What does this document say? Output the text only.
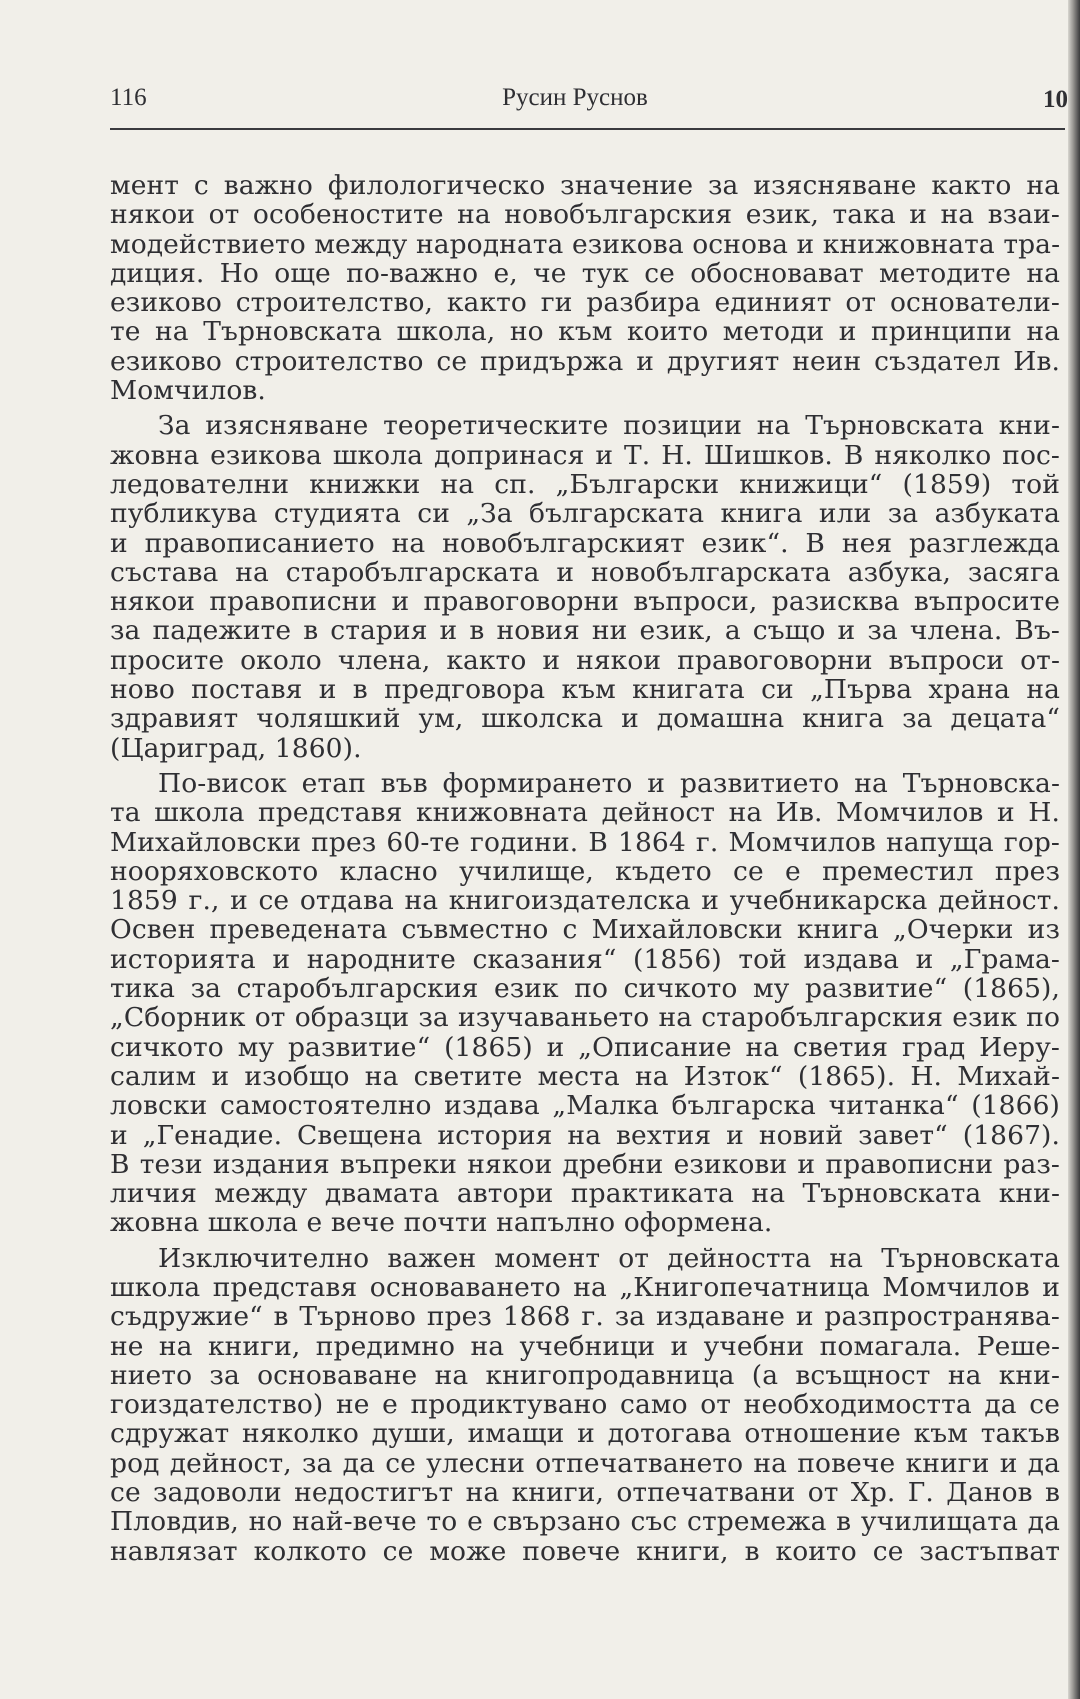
116	Русин Руснов	10
мент с важно филологическо значение за изясняване както на
някои от особеностите на новобългарския език, така и на взаи-
модействието между народната езикова основа и книжовната тра-
диция. Но още по-важно е, че тук се обосновават методите на
езиково строителство, както ги разбира единият от основатели-
те на Търновската школа, но към които методи и принципи на
езиково строителство се придържа и другият неин създател Ив.
Момчилов.
За изясняване теоретическите позиции на Търновската кни-
жовна езикова школа допринася и Т. Н. Шишков. В няколко пос-
ледователни книжки на сп. „Български книжици“ (1859) той
публикува студията си „За българската книга или за азбуката
и правописанието на новобългарският език“. В нея разглежда
състава на старобългарската и новобългарската азбука, засяга
някои правописни и правоговорни въпроси, разисква въпросите
за падежите в стария и в новия ни език, а също и за члена. Въ-
просите около члена, както и някои правоговорни въпроси от-
ново поставя и в предговора към книгата си „Първа храна на
здравият чоляшкий ум, школска и домашна книга за децата“
(Цариград, 1860).
По-висок етап във формирането и развитието на Търновска-
та школа представя книжовната дейност на Ив. Момчилов и Н.
Михайловски през 60-те години. В 1864 г. Момчилов напуща гор-
нооряховското класно училище, където се е преместил през
1859 г., и се отдава на книгоиздателска и учебникарска дейност.
Освен преведената съвместно с Михайловски книга „Очерки из
историята и народните сказания“ (1856) той издава и „Грама-
тика за старобългарския език по сичкото му развитие“ (1865),
„Сборник от образци за изучаваньето на старобългарския език по
сичкото му развитие“ (1865) и „Описание на светия град Иеру-
салим и изобщо на светите места на Изток“ (1865). Н. Михай-
ловски самостоятелно издава „Малка българска читанка“ (1866)
и „Генадие. Свещена история на вехтия и новий завет“ (1867).
В тези издания въпреки някои дребни езикови и правописни раз-
личия между двамата автори практиката на Търновската кни-
жовна школа е вече почти напълно оформена.
Изключително важен момент от дейността на Търновската
школа представя основаването на „Книгопечатница Момчилов и
съдружие“ в Търново през 1868 г. за издаване и разпространява-
не на книги, предимно на учебници и учебни помагала. Реше-
нието за основаване на книгопродавница (а всъщност на кни-
гоиздателство) не е продиктувано само от необходимостта да се
сдружат няколко души, имащи и дотогава отношение към такъв
род дейност, за да се улесни отпечатването на повече книги и да
се задоволи недостигът на книги, отпечатвани от Хр. Г. Данов в
Пловдив, но най-вече то е свързано със стремежа в училищата да
навлязат колкото се може повече книги, в които се застъпват
